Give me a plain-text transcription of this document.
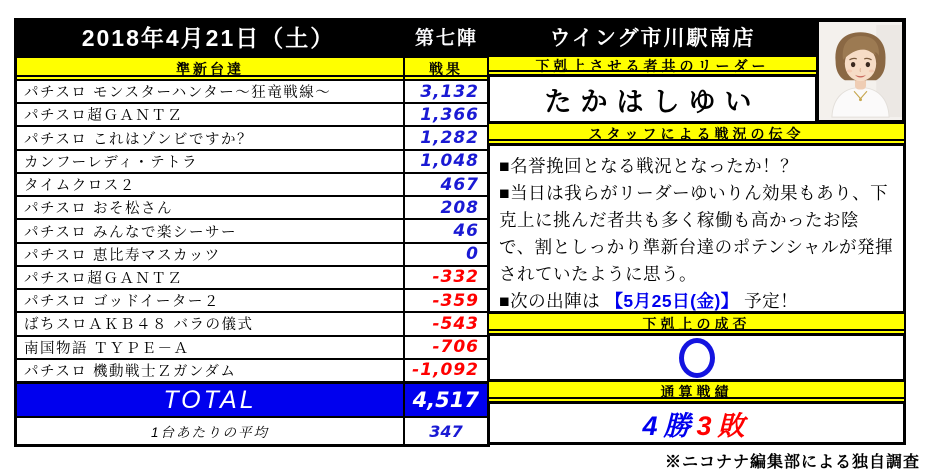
2018年4月21日（土）	第七陣	ウイング市川駅南店
準新台達	戦果
パチスロ モンスターハンター～狂竜戦線～	3,132
パチスロ超ＧＡＮＴＺ	1,366
パチスロ これはゾンビですか？	1,282
カンフーレディ・テトラ	1,048
タイムクロス２	467
パチスロ おそ松さん	208
パチスロ みんなで楽シーサー	46
パチスロ 恵比寿マスカッツ	0
パチスロ超ＧＡＮＴＺ	-332
パチスロ ゴッドイーター２	-359
ばちスロＡＫＢ４８ バラの儀式	-543
南国物語 ＴＹＰＥ－Ａ	-706
パチスロ 機動戦士Ｚガンダム	-1,092
TOTAL	4,517
1台あたりの平均	347
下剋上させる者共のリーダー
たかはしゆい
スタッフによる戦況の伝令
■名誉挽回となる戦況となったか！？
■当日は我らがリーダーゆいりん効果もあり、下克上に挑んだ者共も多く稼働も高かったお陰で、割としっかり準新台達のポテンシャルが発揮されていたように思う。
■次の出陣は 【5月25日(金)】 予定！
下剋上の成否
通算戦績
4勝 3敗
※ニコナナ編集部による独自調査
